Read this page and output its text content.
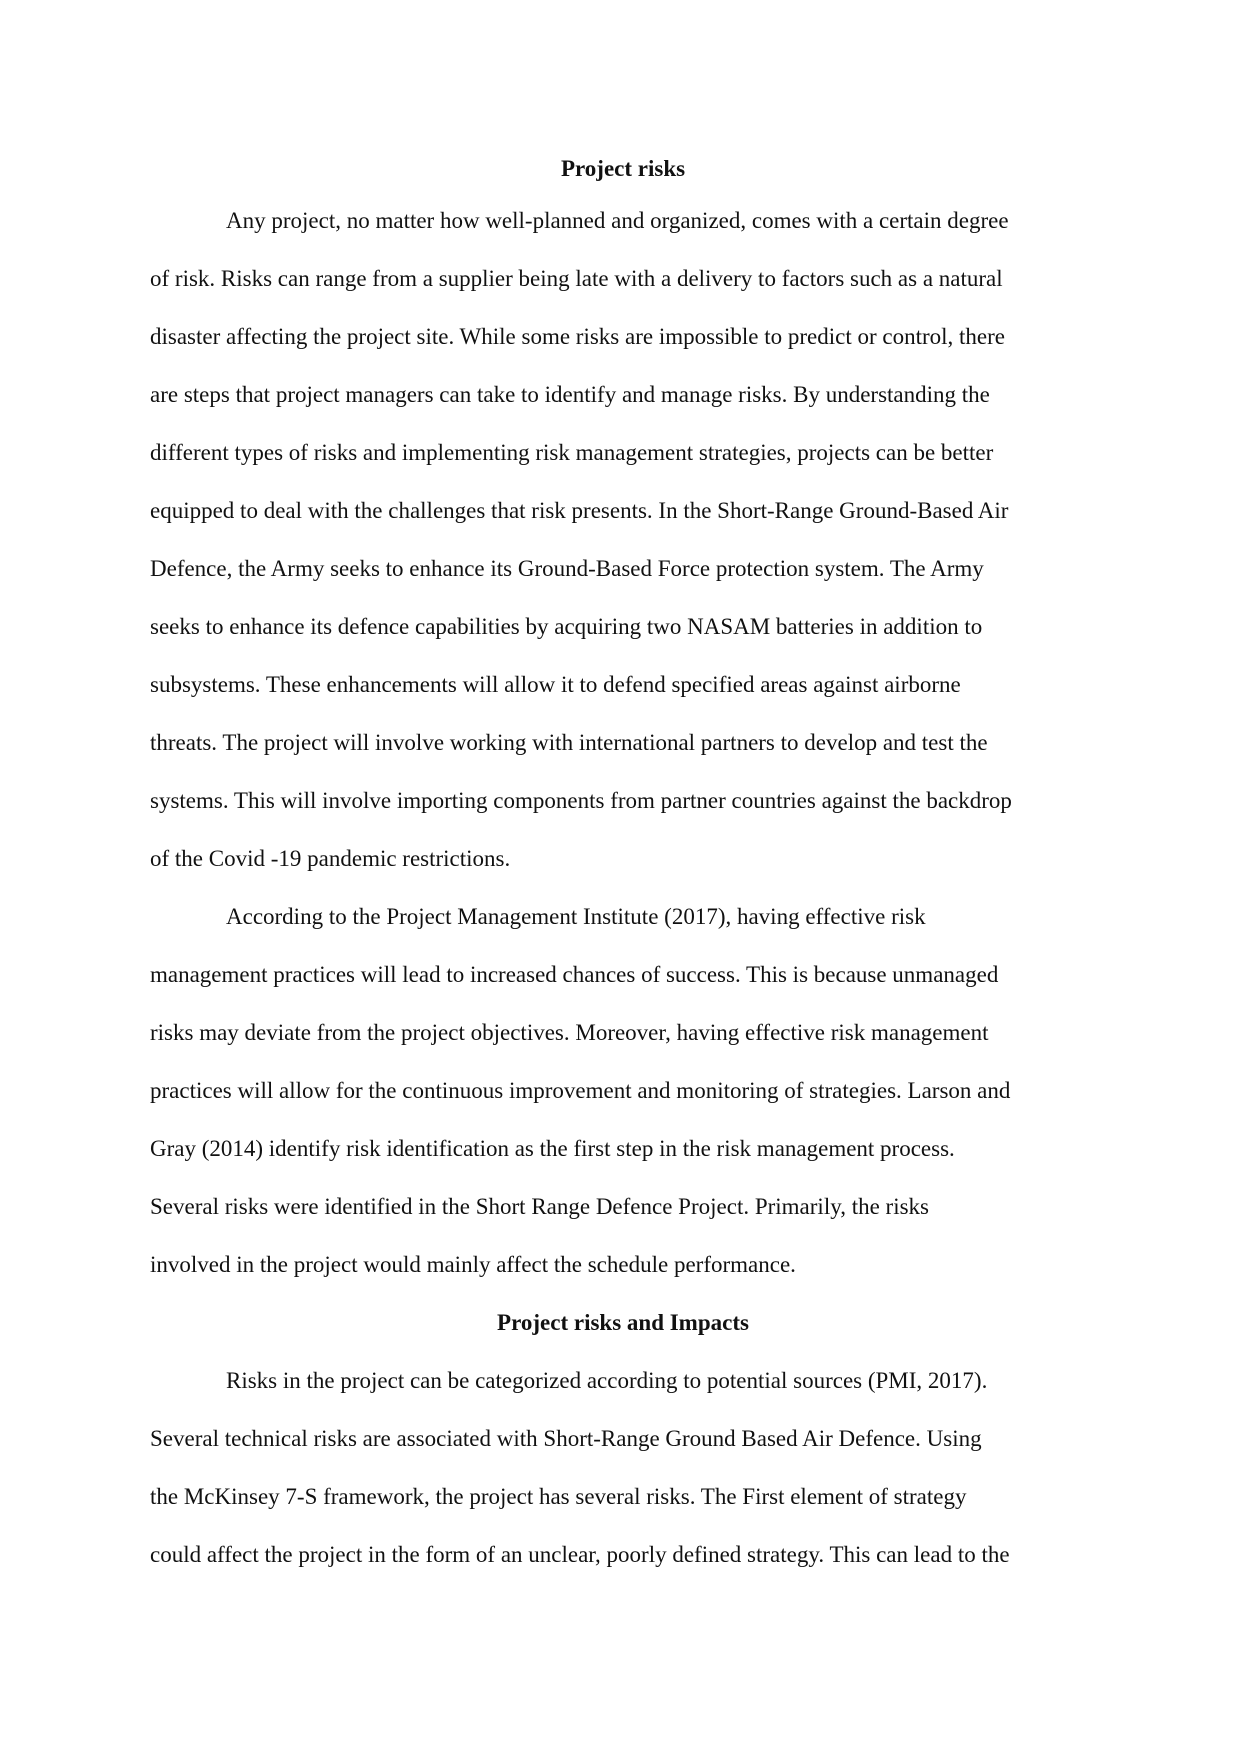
Project risks
Any project, no matter how well-planned and organized, comes with a certain degree
of risk. Risks can range from a supplier being late with a delivery to factors such as a natural
disaster affecting the project site. While some risks are impossible to predict or control, there
are steps that project managers can take to identify and manage risks. By understanding the
different types of risks and implementing risk management strategies, projects can be better
equipped to deal with the challenges that risk presents. In the Short-Range Ground-Based Air
Defence, the Army seeks to enhance its Ground-Based Force protection system. The Army
seeks to enhance its defence capabilities by acquiring two NASAM batteries in addition to
subsystems. These enhancements will allow it to defend specified areas against airborne
threats. The project will involve working with international partners to develop and test the
systems. This will involve importing components from partner countries against the backdrop
of the Covid -19 pandemic restrictions.
According to the Project Management Institute (2017), having effective risk
management practices will lead to increased chances of success. This is because unmanaged
risks may deviate from the project objectives. Moreover, having effective risk management
practices will allow for the continuous improvement and monitoring of strategies. Larson and
Gray (2014) identify risk identification as the first step in the risk management process.
Several risks were identified in the Short Range Defence Project. Primarily, the risks
involved in the project would mainly affect the schedule performance.
Project risks and Impacts
Risks in the project can be categorized according to potential sources (PMI, 2017).
Several technical risks are associated with Short-Range Ground Based Air Defence. Using
the McKinsey 7-S framework, the project has several risks. The First element of strategy
could affect the project in the form of an unclear, poorly defined strategy. This can lead to the
